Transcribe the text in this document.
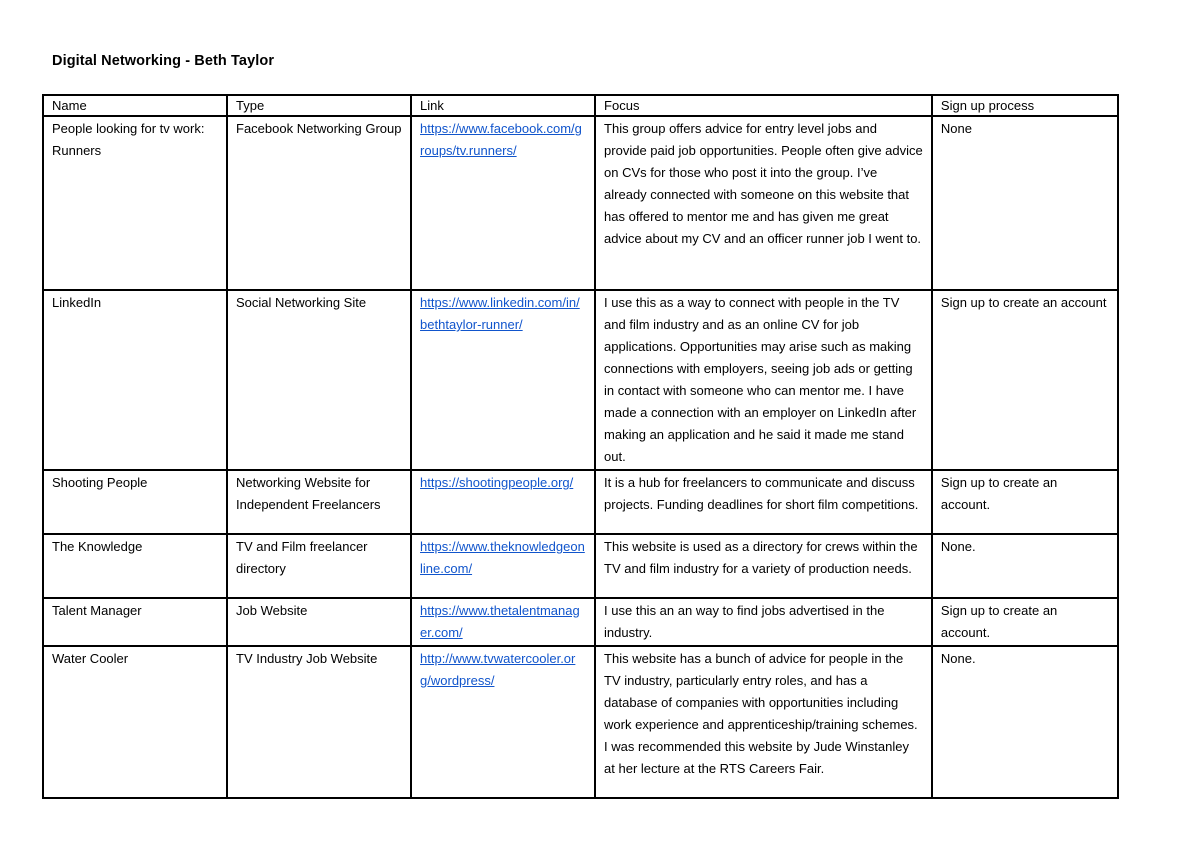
Digital Networking - Beth Taylor
Name	Type	Link	Focus	Sign up process
People looking for tv work: Runners	Facebook Networking Group	https://www.facebook.com/groups/tv.runners/	This group offers advice for entry level jobs and provide paid job opportunities. People often give advice on CVs for those who post it into the group. I’ve already connected with someone on this website that has offered to mentor me and has given me great advice about my CV and an officer runner job I went to.	None
LinkedIn	Social Networking Site	https://www.linkedin.com/in/bethtaylor-runner/	I use this as a way to connect with people in the TV and film industry and as an online CV for job applications. Opportunities may arise such as making connections with employers, seeing job ads or getting in contact with someone who can mentor me. I have made a connection with an employer on LinkedIn after making an application and he said it made me stand out.	Sign up to create an account
Shooting People	Networking Website for Independent Freelancers	https://shootingpeople.org/	It is a hub for freelancers to communicate and discuss projects. Funding deadlines for short film competitions.	Sign up to create an account.
The Knowledge	TV and Film freelancer directory	https://www.theknowledgeonline.com/	This website is used as a directory for crews within the TV and film industry for a variety of production needs.	None.
Talent Manager	Job Website	https://www.thetalentmanager.com/	I use this an an way to find jobs advertised in the industry.	Sign up to create an account.
Water Cooler	TV Industry Job Website	http://www.tvwatercooler.org/wordpress/	This website has a bunch of advice for people in the TV industry, particularly entry roles, and has a database of companies with opportunities including work experience and apprenticeship/training schemes. I was recommended this website by Jude Winstanley at her lecture at the RTS Careers Fair.	None.
